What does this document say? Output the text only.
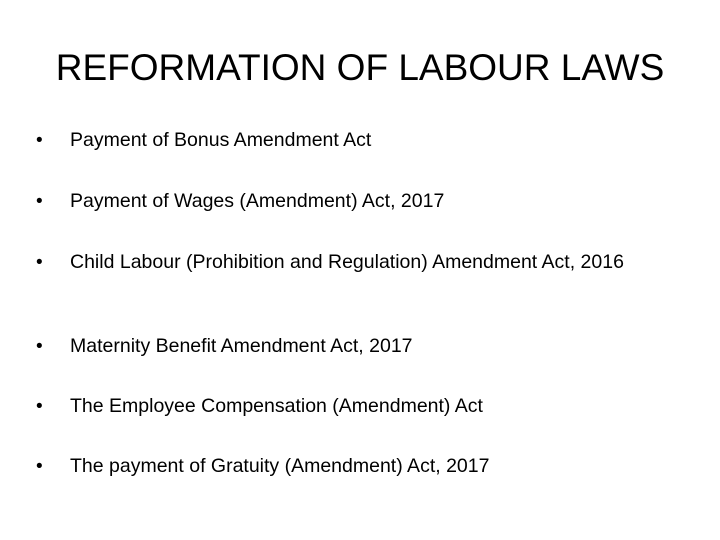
REFORMATION OF LABOUR LAWS
•	Payment of Bonus Amendment Act
•	Payment of Wages (Amendment) Act, 2017
•	Child Labour (Prohibition and Regulation) Amendment Act, 2016
•	Maternity Benefit Amendment Act, 2017
•	The Employee Compensation (Amendment) Act
•	The payment of Gratuity (Amendment) Act, 2017
